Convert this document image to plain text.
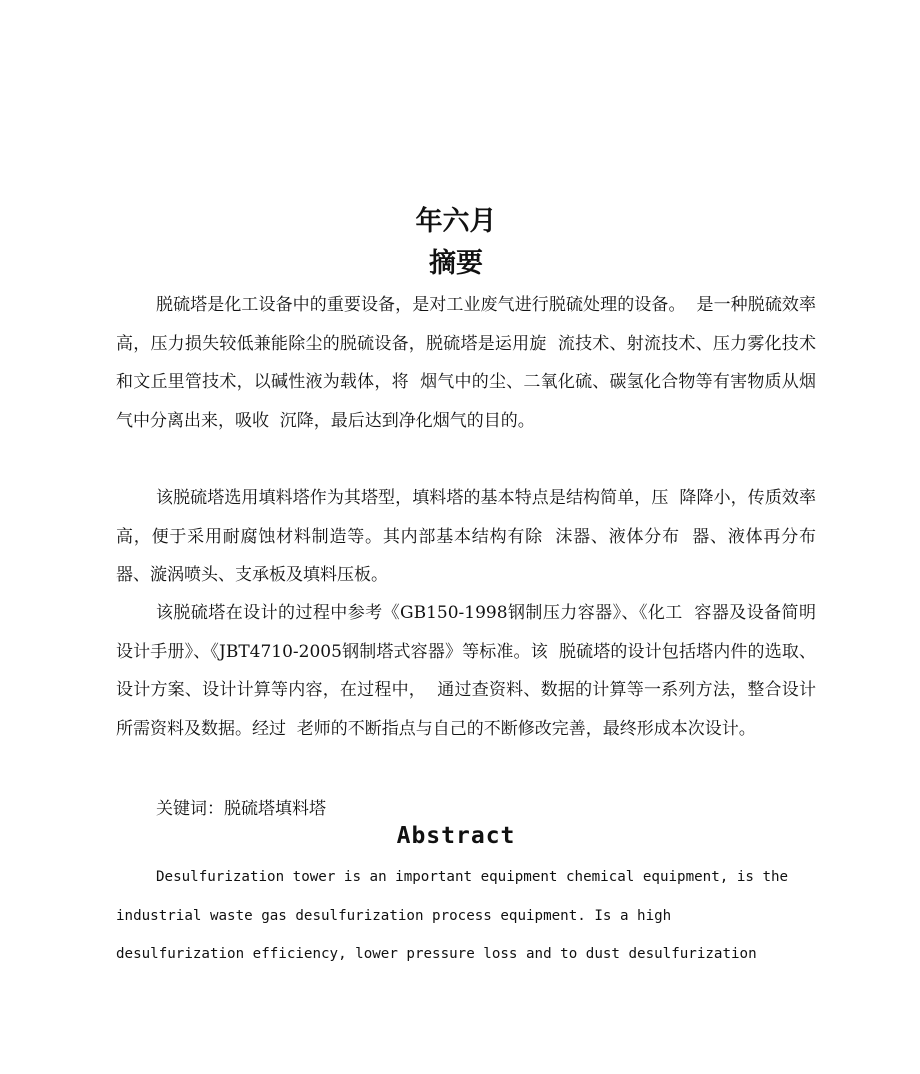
年六月
摘要

脱硫塔是化工设备中的重要设备，是对工业废气进行脱硫处理的设备。  是一种脱硫效率高，压力损失较低兼能除尘的脱硫设备，脱硫塔是运用旋  流技术、射流技术、压力雾化技术和文丘里管技术，以碱性液为载体，将  烟气中的尘、二氧化硫、碳氢化合物等有害物质从烟气中分离出来，吸收  沉降，最后达到净化烟气的目的。

该脱硫塔选用填料塔作为其塔型，填料塔的基本特点是结构简单，压  降降小，传质效率高，便于采用耐腐蚀材料制造等。其内部基本结构有除  沫器、液体分布  器、液体再分布器、漩涡喷头、支承板及填料压板。

该脱硫塔在设计的过程中参考《GB150-1998钢制压力容器》、《化工  容器及设备简明设计手册》、《JBT4710-2005钢制塔式容器》等标准。该  脱硫塔的设计包括塔内件的选取、设计方案、设计计算等内容，在过程中，  通过查资料、数据的计算等一系列方法，整合设计所需资料及数据。经过  老师的不断指点与自己的不断修改完善，最终形成本次设计。

关键词：脱硫塔填料塔

Abstract

Desulfurization tower is an important equipment chemical equipment, is the industrial waste gas desulfurization process equipment. Is a high desulfurization efficiency, lower pressure loss and to dust desulfurization
